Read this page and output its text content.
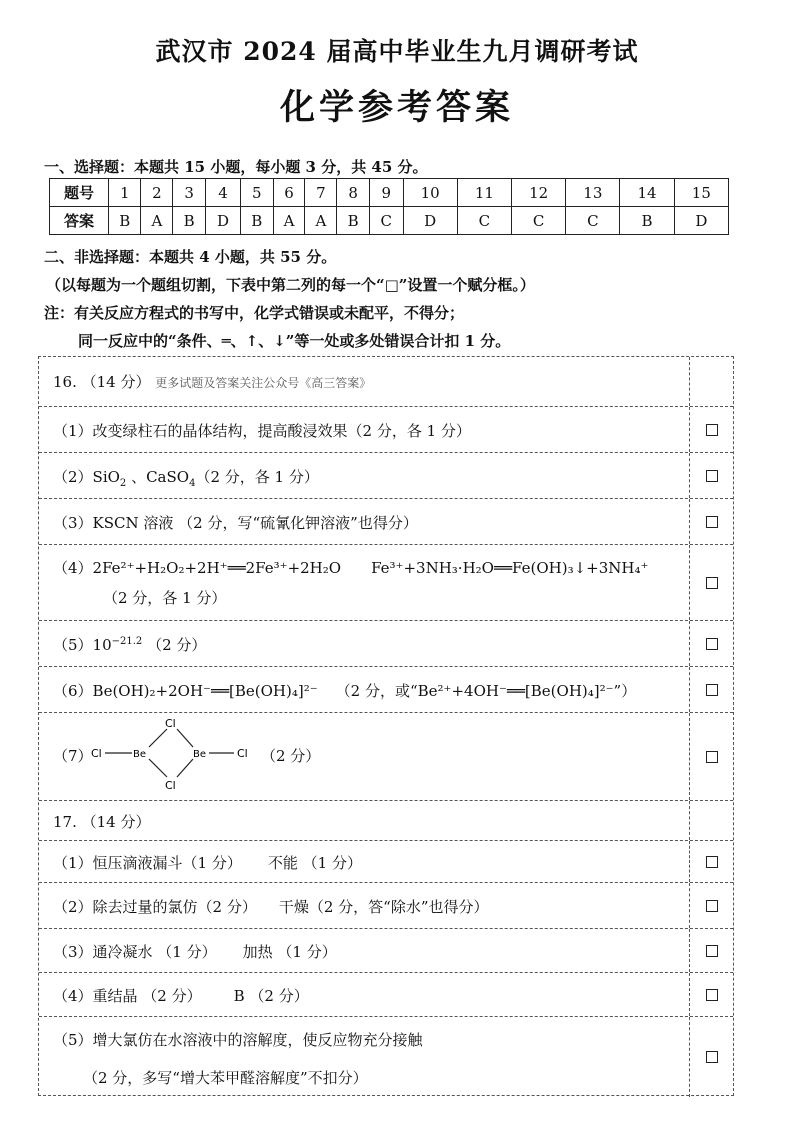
武汉市 2024 届高中毕业生九月调研考试
化学参考答案
一、选择题：本题共 15 小题，每小题 3 分，共 45 分。
题号	1	2	3	4	5	6	7	8	9	10	11	12	13	14	15
答案	B	A	B	D	B	A	A	B	C	D	C	C	C	B	D
二、非选择题：本题共 4 小题，共 55 分。
（以每题为一个题组切割，下表中第二列的每一个“□”设置一个赋分框。）
注：有关反应方程式的书写中，化学式错误或未配平，不得分；
同一反应中的“条件、═、↑、↓”等一处或多处错误合计扣 1 分。
16. （14 分） 更多试题及答案关注公众号《高三答案》
（1）改变绿柱石的晶体结构，提高酸浸效果（2 分，各 1 分）
（2）SiO$_2$ 、CaSO$_4$（2 分，各 1 分）
（3）KSCN 溶液 （2 分，写“硫氰化钾溶液”也得分）
（4）2Fe²⁺+H₂O₂+2H⁺══2Fe³⁺+2H₂O Fe³⁺+3NH₃·H₂O══Fe(OH)₃↓+3NH₄⁺
（2 分，各 1 分）
$(5)10^{-21.2}$ （2 分）
（6）Be(OH)₂+2OH⁻══[Be(OH)₄]²⁻ （2 分，或“Be²⁺+4OH⁻══[Be(OH)₄]²⁻”）
（7）
Cl	Be
Cl
Cl
Be	Cl （2 分）
17. （14 分）
（1）恒压滴液漏斗（1 分） 不能 （1 分）
（2）除去过量的氯仿（2 分） 干燥（2 分，答“除水”也得分）
（3）通冷凝水 （1 分） 加热 （1 分）
（4）重结晶 （2 分） B （2 分）
（5）增大氯仿在水溶液中的溶解度，使反应物充分接触
（2 分，多写“增大苯甲醛溶解度”不扣分）
